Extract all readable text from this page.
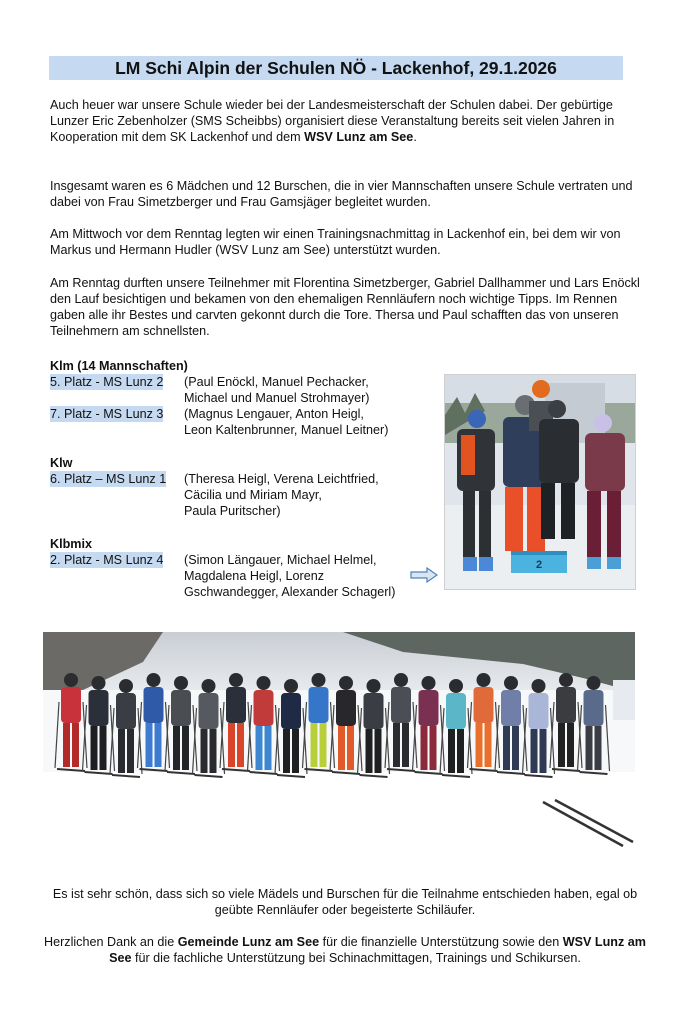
LM Schi Alpin der Schulen NÖ - Lackenhof, 29.1.2026

Auch heuer war unsere Schule wieder bei der Landesmeisterschaft der Schulen dabei. Der gebürtige Lunzer Eric Zebenholzer (SMS Scheibbs) organisiert diese Veranstaltung bereits seit vielen Jahren in Kooperation mit dem SK Lackenhof und dem WSV Lunz am See.

Insgesamt waren es 6 Mädchen und 12 Burschen, die in vier Mannschaften unsere Schule vertraten und dabei von Frau Simetzberger und Frau Gamsjäger begleitet wurden.

Am Mittwoch vor dem Renntag legten wir einen Trainingsnachmittag in Lackenhof ein, bei dem wir von Markus und Hermann Hudler (WSV Lunz am See) unterstützt wurden.

Am Renntag durften unsere Teilnehmer mit Florentina Simetzberger, Gabriel Dallhammer und Lars Enöckl den Lauf besichtigen und bekamen von den ehemaligen Rennläufern noch wichtige Tipps. Im Rennen gaben alle ihr Bestes und carvten gekonnt durch die Tore. Thersa und Paul schafften das von unseren Teilnehmern am schnellsten.

Klm (14 Mannschaften)
5. Platz - MS Lunz 2 (Paul Enöckl, Manuel Pechacker,
Michael und Manuel Strohmayer)
7. Platz - MS Lunz 3 (Magnus Lengauer, Anton Heigl,
Leon Kaltenbrunner, Manuel Leitner)
Klw
6. Platz – MS Lunz 1 (Theresa Heigl, Verena Leichtfried,
Cäcilia und Miriam Mayr,
Paula Puritscher)
Klbmix
2. Platz - MS Lunz 4 (Simon Längauer, Michael Helmel,
Magdalena Heigl, Lorenz
Gschwandegger, Alexander Schagerl)
2

Es ist sehr schön, dass sich so viele Mädels und Burschen für die Teilnahme entschieden haben, egal ob geübte Rennläufer oder begeisterte Schiläufer.

Herzlichen Dank an die Gemeinde Lunz am See für die finanzielle Unterstützung sowie den WSV Lunz am See für die fachliche Unterstützung bei Schinachmittagen, Trainings und Schikursen.
